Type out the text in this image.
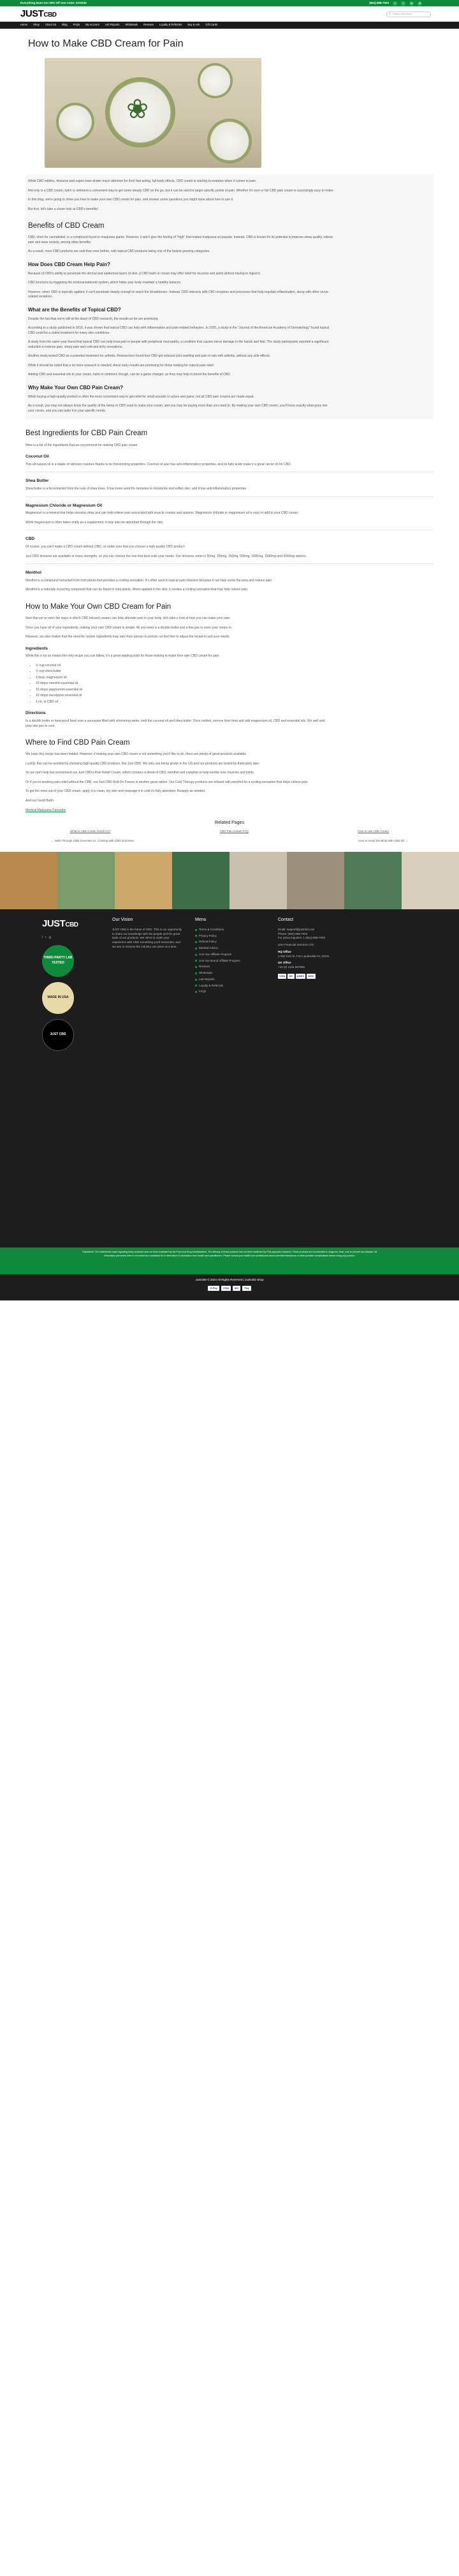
Everything Must Go! 30% Off Use Code: SAVE30	(954) 888-7003	f	t	ig	yt
JUSTCBD	⚲ Search products...
Home Shop About Us Blog FAQs My Account Lab Reports Wholesale Reviews Loyalty & Referrals Buy & Ask Gift Cards
How to Make CBD Cream for Pain
❀

While CBD edibles, tinctures and vapes have drawn much attention for their fast-acting, full-body effects, CBD cream is starting to examine when it comes to pain.

Not only is a CBD cream, balm or ointment a convenient way to get some steady CBD on the go, but it can be used to target specific points of pain. Whether it's sore or full CBD pain cream is surprisingly easy to make.

In this blog, we're going to show you how to make your own CBD cream for pain, and answer some questions you might have about how to use it.

But first, let's take a closer look at CBD's benefits!

Benefits of CBD Cream

CBD, short for cannabidiol, is a compound found in marijuana plants. However, it won't give the feeling of "high" that makes marijuana so popular. Instead, CBD is known for its potential to improve sleep quality, relieve pain and ease anxiety, among other benefits.

As a result, more CBD products are sold than ever before, with topical CBD products being one of the fastest growing categories.

How Does CBD Cream Help Pain?

Because of CBD's ability to penetrate the dermal and epidermal layers of skin, a CBD balm or cream may offer relief for muscles and joints without having to ingest it.

CBD functions by triggering the endocannabinoid system, which helps your body maintain a healthy balance.

However, when CBD is topically applied, it can't penetrate deeply enough to reach the bloodstream. Instead, CBD interacts with CB2 receptors and processes that help regulate inflammation, along with other nerve-related receptors.

What are the Benefits of Topical CBD?

Despite the fact that we're still at the dawn of CBD research, the results so far are promising.

According to a study published in 2016, it was shown that topical CBD can help with inflammation and pain-related behaviors. In 2020, a study in the "Journal of the American Academy of Dermatology" found topical CBD could be a viable treatment for many skin conditions.

A study from the same year found that topical CBD can help treat pain in people with peripheral neuropathy, a condition that causes nerve damage in the hands and feet. The study participants reported a significant reduction in intense pain, sharp pain and cold and itchy sensations.

Another study tested CBD as a potential treatment for arthritis. Researchers found that CBD gel reduced joint swelling and pain in rats with arthritis, without any side effects.

While it should be noted that a lot more research is needed, these early results are promising for those looking for natural pain relief.

Adding CBD and essential oils to your cream, balm or ointment, though, can be a game changer, as they may help to boost the benefits of CBD.

Why Make Your Own CBD Pain Cream?

While buying a high-quality product is often the most convenient way to get relief for small wounds or aches and pains, not all CBD pain creams are made equal.

As a result, you may not always know the quality of the hemp or CBD used to make your cream, and you may be paying more than you need to. By making your own CBD cream, you'll know exactly what goes into your cream, and you can tailor it to your specific needs.

Best Ingredients for CBD Pain Cream

Here is a list of the ingredients that we recommend for making CBD pain cream.

Coconut Oil

This all-natural oil is a staple of skincare routines thanks to its moisturizing properties. Coconut oil also has anti-inflammatory properties, and its fatty acids make it a great carrier oil for CBD.

Shea Butter

Shea butter is a fat extracted from the nuts of shea trees. It has been used for centuries to moisturize and soften skin, and it has anti-inflammatory properties.

Magnesium Chloride or Magnesium Oil

Magnesium is a mineral that helps muscles relax and can help relieve pain associated with muscle cramps and spasms. Magnesium chloride or magnesium oil is easy to add to your CBD cream.

While magnesium is often taken orally as a supplement, it may also be absorbed through the skin.

CBD

Of course, you can't make a CBD cream without CBD, so make sure that you choose a high-quality CBD product.

Just CBD tinctures are available in many strengths, so you can choose the one that best suits your needs. Our tinctures come in 50mg, 100mg, 250mg, 500mg, 1000mg, 1500mg and 3000mg options.

Menthol

Menthol is a compound extracted from mint plants that provides a cooling sensation. It's often used in topical pain relievers because it can help numb the area and reduce pain.

Menthol is a naturally occurring compound that can be found in mint plants. When applied to the skin, it creates a cooling sensation that may help relieve pain.

How to Make Your Own CBD Cream for Pain

Now that we've seen the ways in which CBD infused creams can help alleviate pain in your body, let's take a look at how you can make your own.

Once you have all of your ingredients, making your own CBD cream is simple. All you need is a double boiler and a few jars to store your cream in.

However, we also realize that the need for certain ingredients may vary from person to person, so feel free to adjust the recipe to suit your needs.

Ingredients

While this is by no means the only recipe you can follow, it's a great starting point for those looking to make their own CBD cream for pain.

• ½ cup coconut oil
• ¼ cup shea butter
• 2 tbsp. magnesium oil
• 10 drops menthol essential oil
• 10 drops peppermint essential oil
• 10 drops eucalyptus essential oil
• 1 mL of CBD oil
Directions

In a double boiler or heat-proof bowl over a saucepan filled with simmering water, melt the coconut oil and shea butter. Once melted, remove from heat and add magnesium oil, CBD and essential oils. Stir well and pour into jars to cool.

Where to Find CBD Pain Cream

We hope this recipe has been helpful. However, if making your own CBD cream is not something you'd like to do, there are plenty of great products available.

Luckily, this can be avoided by choosing high-quality CBD products, like Just CBD. We only use hemp grown in the US and our products are tested by third-party labs.

So we can't help but recommend our Just CBD's Pain Relief Cream, which contains a blend of CBD, menthol and camphor to help soothe sore muscles and joints.

Or if you're seeking pain relief without the CBD, our Just CBD Roll-On Freeze is another great option. Our Cold Therapy products are infused with menthol for a cooling sensation that helps relieve pain.

To get the most out of your CBD cream, apply it to clean, dry skin and massage it in until it's fully absorbed. Reapply as needed.

And our Good Balm.

Medical Marijuana Cannabis
Related Pages
What Is CBD Cream Good For?	CBD Pain Cream FAQ	How to Use CBD Cream
← Walk Through CBD Gummies vs. Cooking with CBD Gummies	How to Avoid the Bloat with CBD Oil →
JUSTCBD
f t ig
THIRD-PARTY LAB TESTED
MADE IN USA
JUST CBD
Our Vision
JUST CBD is the future of CBD. This is our opportunity to share our knowledge with the people and the great taste of our products. We strive to make your experience with CBD something you'll remember, and we aim to reinvent the industry one piece at a time.
Menu
Terms & Conditions
Privacy Policy
Refund Policy
Medical Advice
Join Our Affiliate Program
Join Our Brand Affiliate Program
Reviews
Wholesale
Lab Reports
Loyalty & Referrals
FAQs
Contact
Email: support@justcbd.com
Phone: (954) 888-7003
For press inquiries: 1 (954) 888-7003
USA Financial Services LTD
HQ Office
1 NW 21st St, Fort Lauderdale FL 33311
UK Office
+44 (0) 1234 567890
VISA	MC	AMEX	DISC
*Disclaimer: The statements made regarding these products have not been evaluated by the Food and Drug Administration. The efficacy of these products has not been confirmed by FDA-approved research. These products are not intended to diagnose, treat, cure or prevent any disease. All information presented here is not meant as a substitute for or alternative to information from health care practitioners. Please consult your health care professional about potential interactions or other possible complications before using any product.
JustCBD © 2024 All Rights Reserved | JustCBD Shop
G Pay	VISA	MC	Pay
